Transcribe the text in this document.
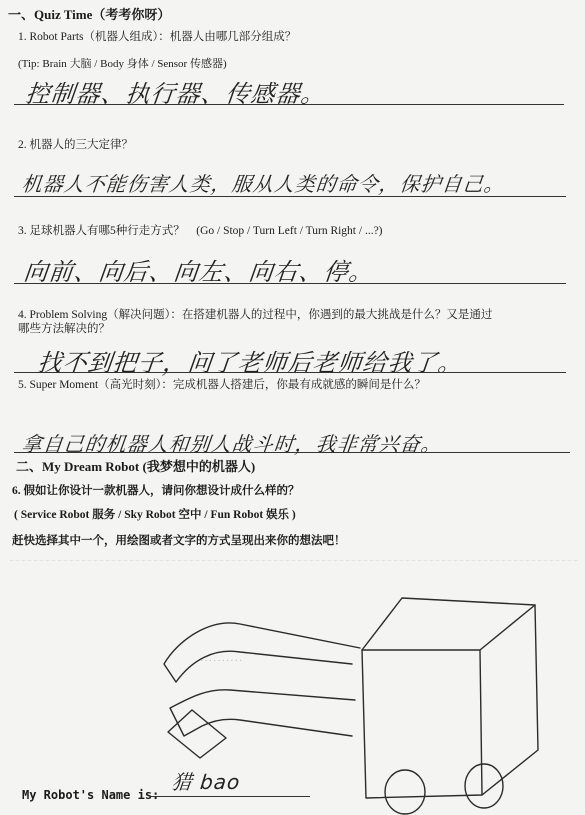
一、Quiz Time（考考你呀）
1. Robot Parts（机器人组成）：机器人由哪几部分组成？
(Tip: Brain 大脑 / Body 身体 / Sensor 传感器)
控制器、执行器、传感器。
2. 机器人的三大定律？
机器人不能伤害人类，服从人类的命令，保护自己。
3. 足球机器人有哪5种行走方式？　(Go / Stop / Turn Left / Turn Right / ...?)
向前、向后、向左、向右、停。
4. Problem Solving（解决问题）：在搭建机器人的过程中，你遇到的最大挑战是什么？又是通过
哪些方法解决的？
找不到把子，问了老师后老师给我了。
5. Super Moment（高光时刻）：完成机器人搭建后，你最有成就感的瞬间是什么？
拿自己的机器人和别人战斗时，我非常兴奋。
二、My Dream Robot (我梦想中的机器人)
6. 假如让你设计一款机器人，请问你想设计成什么样的？
( Service Robot 服务 / Sky Robot 空中 / Fun Robot 娱乐 )
赶快选择其中一个，用绘图或者文字的方式呈现出来你的想法吧！
··········
My Robot's Name is:
猎 bao
